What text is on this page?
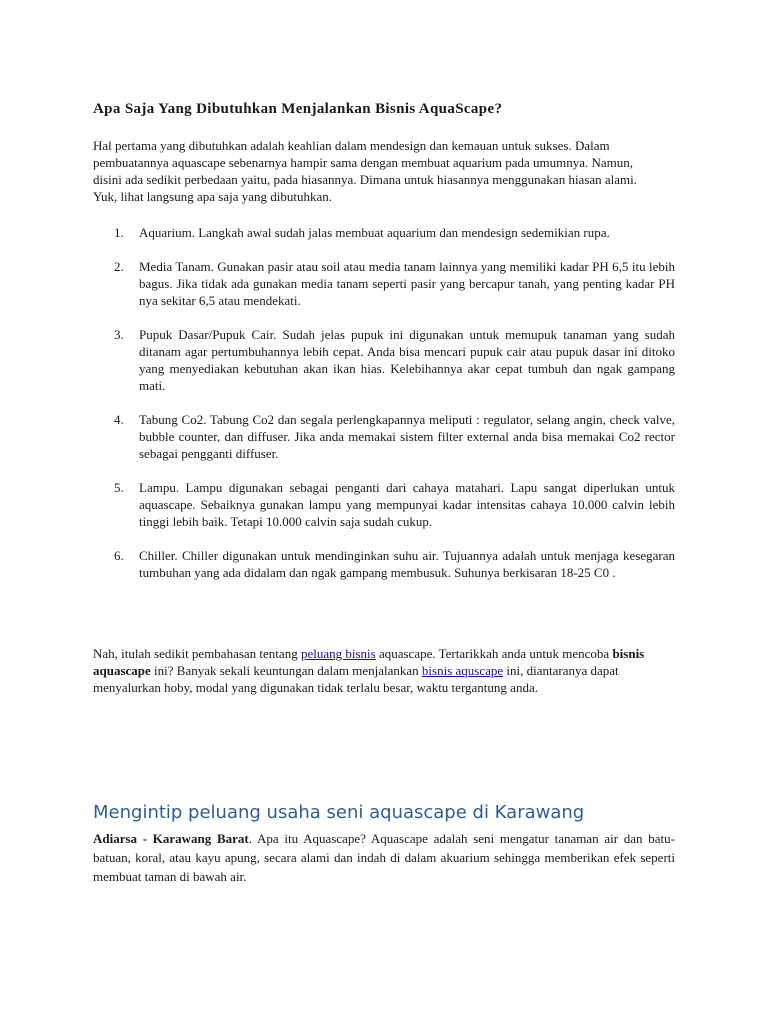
Apa Saja Yang Dibutuhkan Menjalankan Bisnis AquaScape?

Hal pertama yang dibutuhkan adalah keahlian dalam mendesign dan kemauan untuk sukses. Dalam pembuatannya aquascape sebenarnya hampir sama dengan membuat aquarium pada umumnya. Namun, disini ada sedikit perbedaan yaitu, pada hiasannya. Dimana untuk hiasannya menggunakan hiasan alami. Yuk, lihat langsung apa saja yang dibutuhkan.

1. Aquarium. Langkah awal sudah jalas membuat aquarium dan mendesign sedemikian rupa.
2. Media Tanam. Gunakan pasir atau soil atau media tanam lainnya yang memiliki kadar PH 6,5 itu lebih bagus. Jika tidak ada gunakan media tanam seperti pasir yang bercapur tanah, yang penting kadar PH nya sekitar 6,5 atau mendekati.
3. Pupuk Dasar/Pupuk Cair. Sudah jelas pupuk ini digunakan untuk memupuk tanaman yang sudah ditanam agar pertumbuhannya lebih cepat. Anda bisa mencari pupuk cair atau pupuk dasar ini ditoko yang menyediakan kebutuhan akan ikan hias. Kelebihannya akar cepat tumbuh dan ngak gampang mati.
4. Tabung Co2. Tabung Co2 dan segala perlengkapannya meliputi : regulator, selang angin, check valve, bubble counter, dan diffuser. Jika anda memakai sistem filter external anda bisa memakai Co2 rector sebagai pengganti diffuser.
5. Lampu. Lampu digunakan sebagai penganti dari cahaya matahari. Lapu sangat diperlukan untuk aquascape. Sebaiknya gunakan lampu yang mempunyai kadar intensitas cahaya 10.000 calvin lebih tinggi lebih baik. Tetapi 10.000 calvin saja sudah cukup.
6. Chiller. Chiller digunakan untuk mendinginkan suhu air. Tujuannya adalah untuk menjaga kesegaran tumbuhan yang ada didalam dan ngak gampang membusuk. Suhunya berkisaran 18-25 C0 .

Nah, itulah sedikit pembahasan tentang peluang bisnis aquascape. Tertarikkah anda untuk mencoba bisnis aquascape ini? Banyak sekali keuntungan dalam menjalankan bisnis aquscape ini, diantaranya dapat menyalurkan hoby, modal yang digunakan tidak terlalu besar, waktu tergantung anda.

Mengintip peluang usaha seni aquascape di Karawang

Adiarsa - Karawang Barat. Apa itu Aquascape? Aquascape adalah seni mengatur tanaman air dan batu-batuan, koral, atau kayu apung, secara alami dan indah di dalam akuarium sehingga memberikan efek seperti membuat taman di bawah air.
